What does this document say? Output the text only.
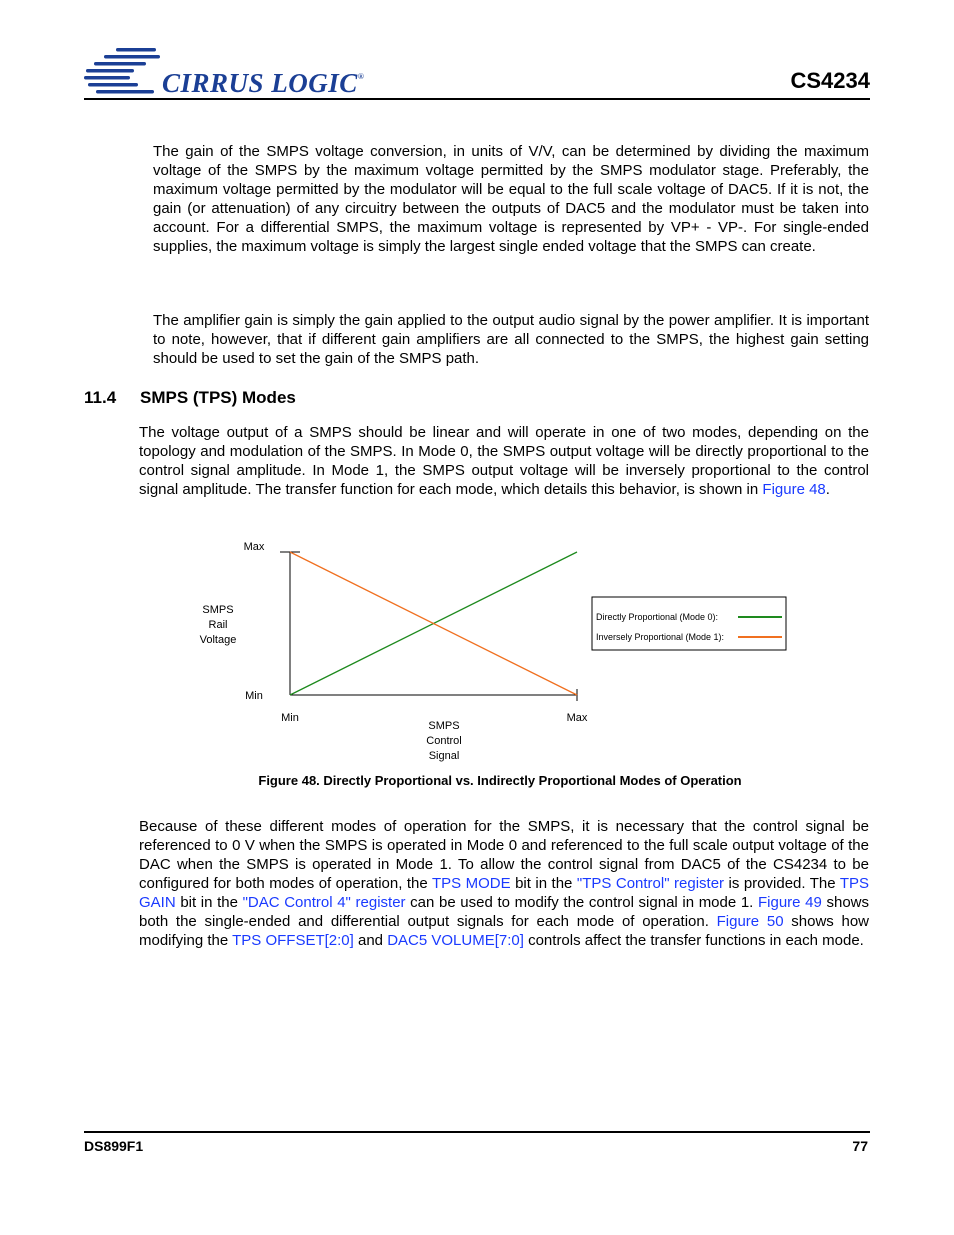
CIRRUS LOGIC®	CS4234

The gain of the SMPS voltage conversion, in units of V/V, can be determined by dividing the maximum voltage of the SMPS by the maximum voltage permitted by the SMPS modulator stage. Preferably, the maximum voltage permitted by the modulator will be equal to the full scale voltage of DAC5. If it is not, the gain (or attenuation) of any circuitry between the outputs of DAC5 and the modulator must be taken into account. For a differential SMPS, the maximum voltage is represented by VP+ - VP-. For single-ended supplies, the maximum voltage is simply the largest single ended voltage that the SMPS can create.

The amplifier gain is simply the gain applied to the output audio signal by the power amplifier. It is important to note, however, that if different gain amplifiers are all connected to the SMPS, the highest gain setting should be used to set the gain of the SMPS path.

11.4 SMPS (TPS) Modes

The voltage output of a SMPS should be linear and will operate in one of two modes, depending on the topology and modulation of the SMPS. In Mode 0, the SMPS output voltage will be directly proportional to the control signal amplitude. In Mode 1, the SMPS output voltage will be inversely proportional to the control signal amplitude. The transfer function for each mode, which details this behavior, is shown in Figure 48.

Max
Min
Min	Max
SMPS
Rail
Voltage
SMPS
Control
Signal
Directly Proportional (Mode 0):
Inversely Proportional (Mode 1):
Figure 48. Directly Proportional vs. Indirectly Proportional Modes of Operation

Because of these different modes of operation for the SMPS, it is necessary that the control signal be referenced to 0 V when the SMPS is operated in Mode 0 and referenced to the full scale output voltage of the DAC when the SMPS is operated in Mode 1. To allow the control signal from DAC5 of the CS4234 to be configured for both modes of operation, the TPS MODE bit in the "TPS Control" register is provided. The TPS GAIN bit in the "DAC Control 4" register can be used to modify the control signal in mode 1. Figure 49 shows both the single-ended and differential output signals for each mode of operation. Figure 50 shows how modifying the TPS OFFSET[2:0] and DAC5 VOLUME[7:0] controls affect the transfer functions in each mode.

DS899F1	77
